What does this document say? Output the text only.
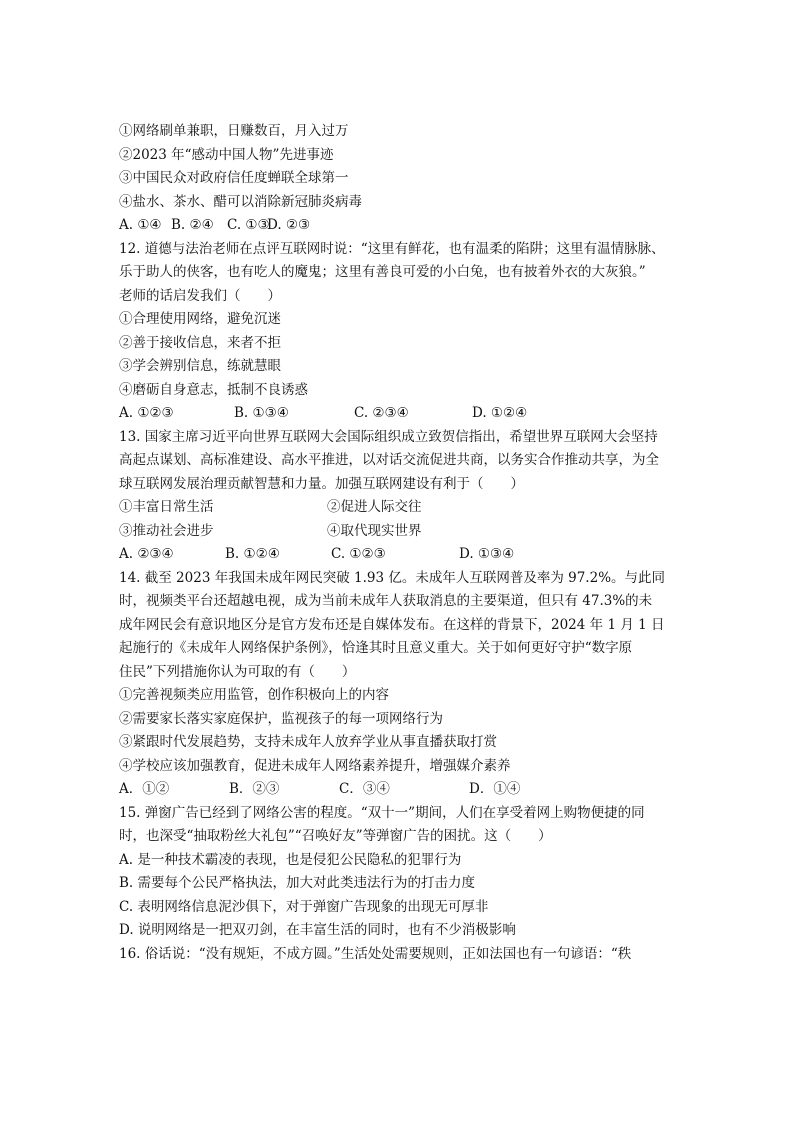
①网络刷单兼职，日赚数百，月入过万
②2023 年“感动中国人物”先进事迹
③中国民众对政府信任度蝉联全球第一
④盐水、茶水、醋可以消除新冠肺炎病毒
A. ①④ B. ②④ C. ①③
D. ②③
12. 道德与法治老师在点评互联网时说：“这里有鲜花，也有温柔的陷阱；这里有温情脉脉、
乐于助人的侠客，也有吃人的魔鬼；这里有善良可爱的小白兔，也有披着外衣的大灰狼。”
老师的话启发我们（　　）
①合理使用网络，避免沉迷
②善于接收信息，来者不拒
③学会辨别信息，练就慧眼
④磨砺自身意志，抵制不良诱惑
A. ①②③	B. ①③④	C. ②③④	D. ①②④
13. 国家主席习近平向世界互联网大会国际组织成立致贺信指出，希望世界互联网大会坚持
高起点谋划、高标准建设、高水平推进，以对话交流促进共商，以务实合作推动共享，为全
球互联网发展治理贡献智慧和力量。加强互联网建设有利于（　　）
①丰富日常生活	②促进人际交往
③推动社会进步	④取代现实世界
A. ②③④	B. ①②④	C. ①②③	D. ①③④
14. 截至 2023 年我国未成年网民突破 1.93 亿。未成年人互联网普及率为 97.2%。与此同
时，视频类平台还超越电视，成为当前未成年人获取消息的主要渠道，但只有 47.3%的未
成年网民会有意识地区分是官方发布还是自媒体发布。在这样的背景下，2024 年 1 月 1 日
起施行的《未成年人网络保护条例》，恰逢其时且意义重大。关于如何更好守护“数字原
住民”下列措施你认为可取的有（　　）
①完善视频类应用监管，创作积极向上的内容
②需要家长落实家庭保护，监视孩子的每一项网络行为
③紧跟时代发展趋势，支持未成年人放弃学业从事直播获取打赏
④学校应该加强教育，促进未成年人网络素养提升，增强媒介素养
A．①②	B．②③	C．③④	D．①④
15. 弹窗广告已经到了网络公害的程度。“双十一”期间，人们在享受着网上购物便捷的同
时，也深受“抽取粉丝大礼包”“召唤好友”等弹窗广告的困扰。这（　　）
A. 是一种技术霸凌的表现，也是侵犯公民隐私的犯罪行为
B. 需要每个公民严格执法，加大对此类违法行为的打击力度
C. 表明网络信息泥沙俱下，对于弹窗广告现象的出现无可厚非
D. 说明网络是一把双刃剑，在丰富生活的同时，也有不少消极影响
16. 俗话说：“没有规矩，不成方圆。”生活处处需要规则，正如法国也有一句谚语：“秩
